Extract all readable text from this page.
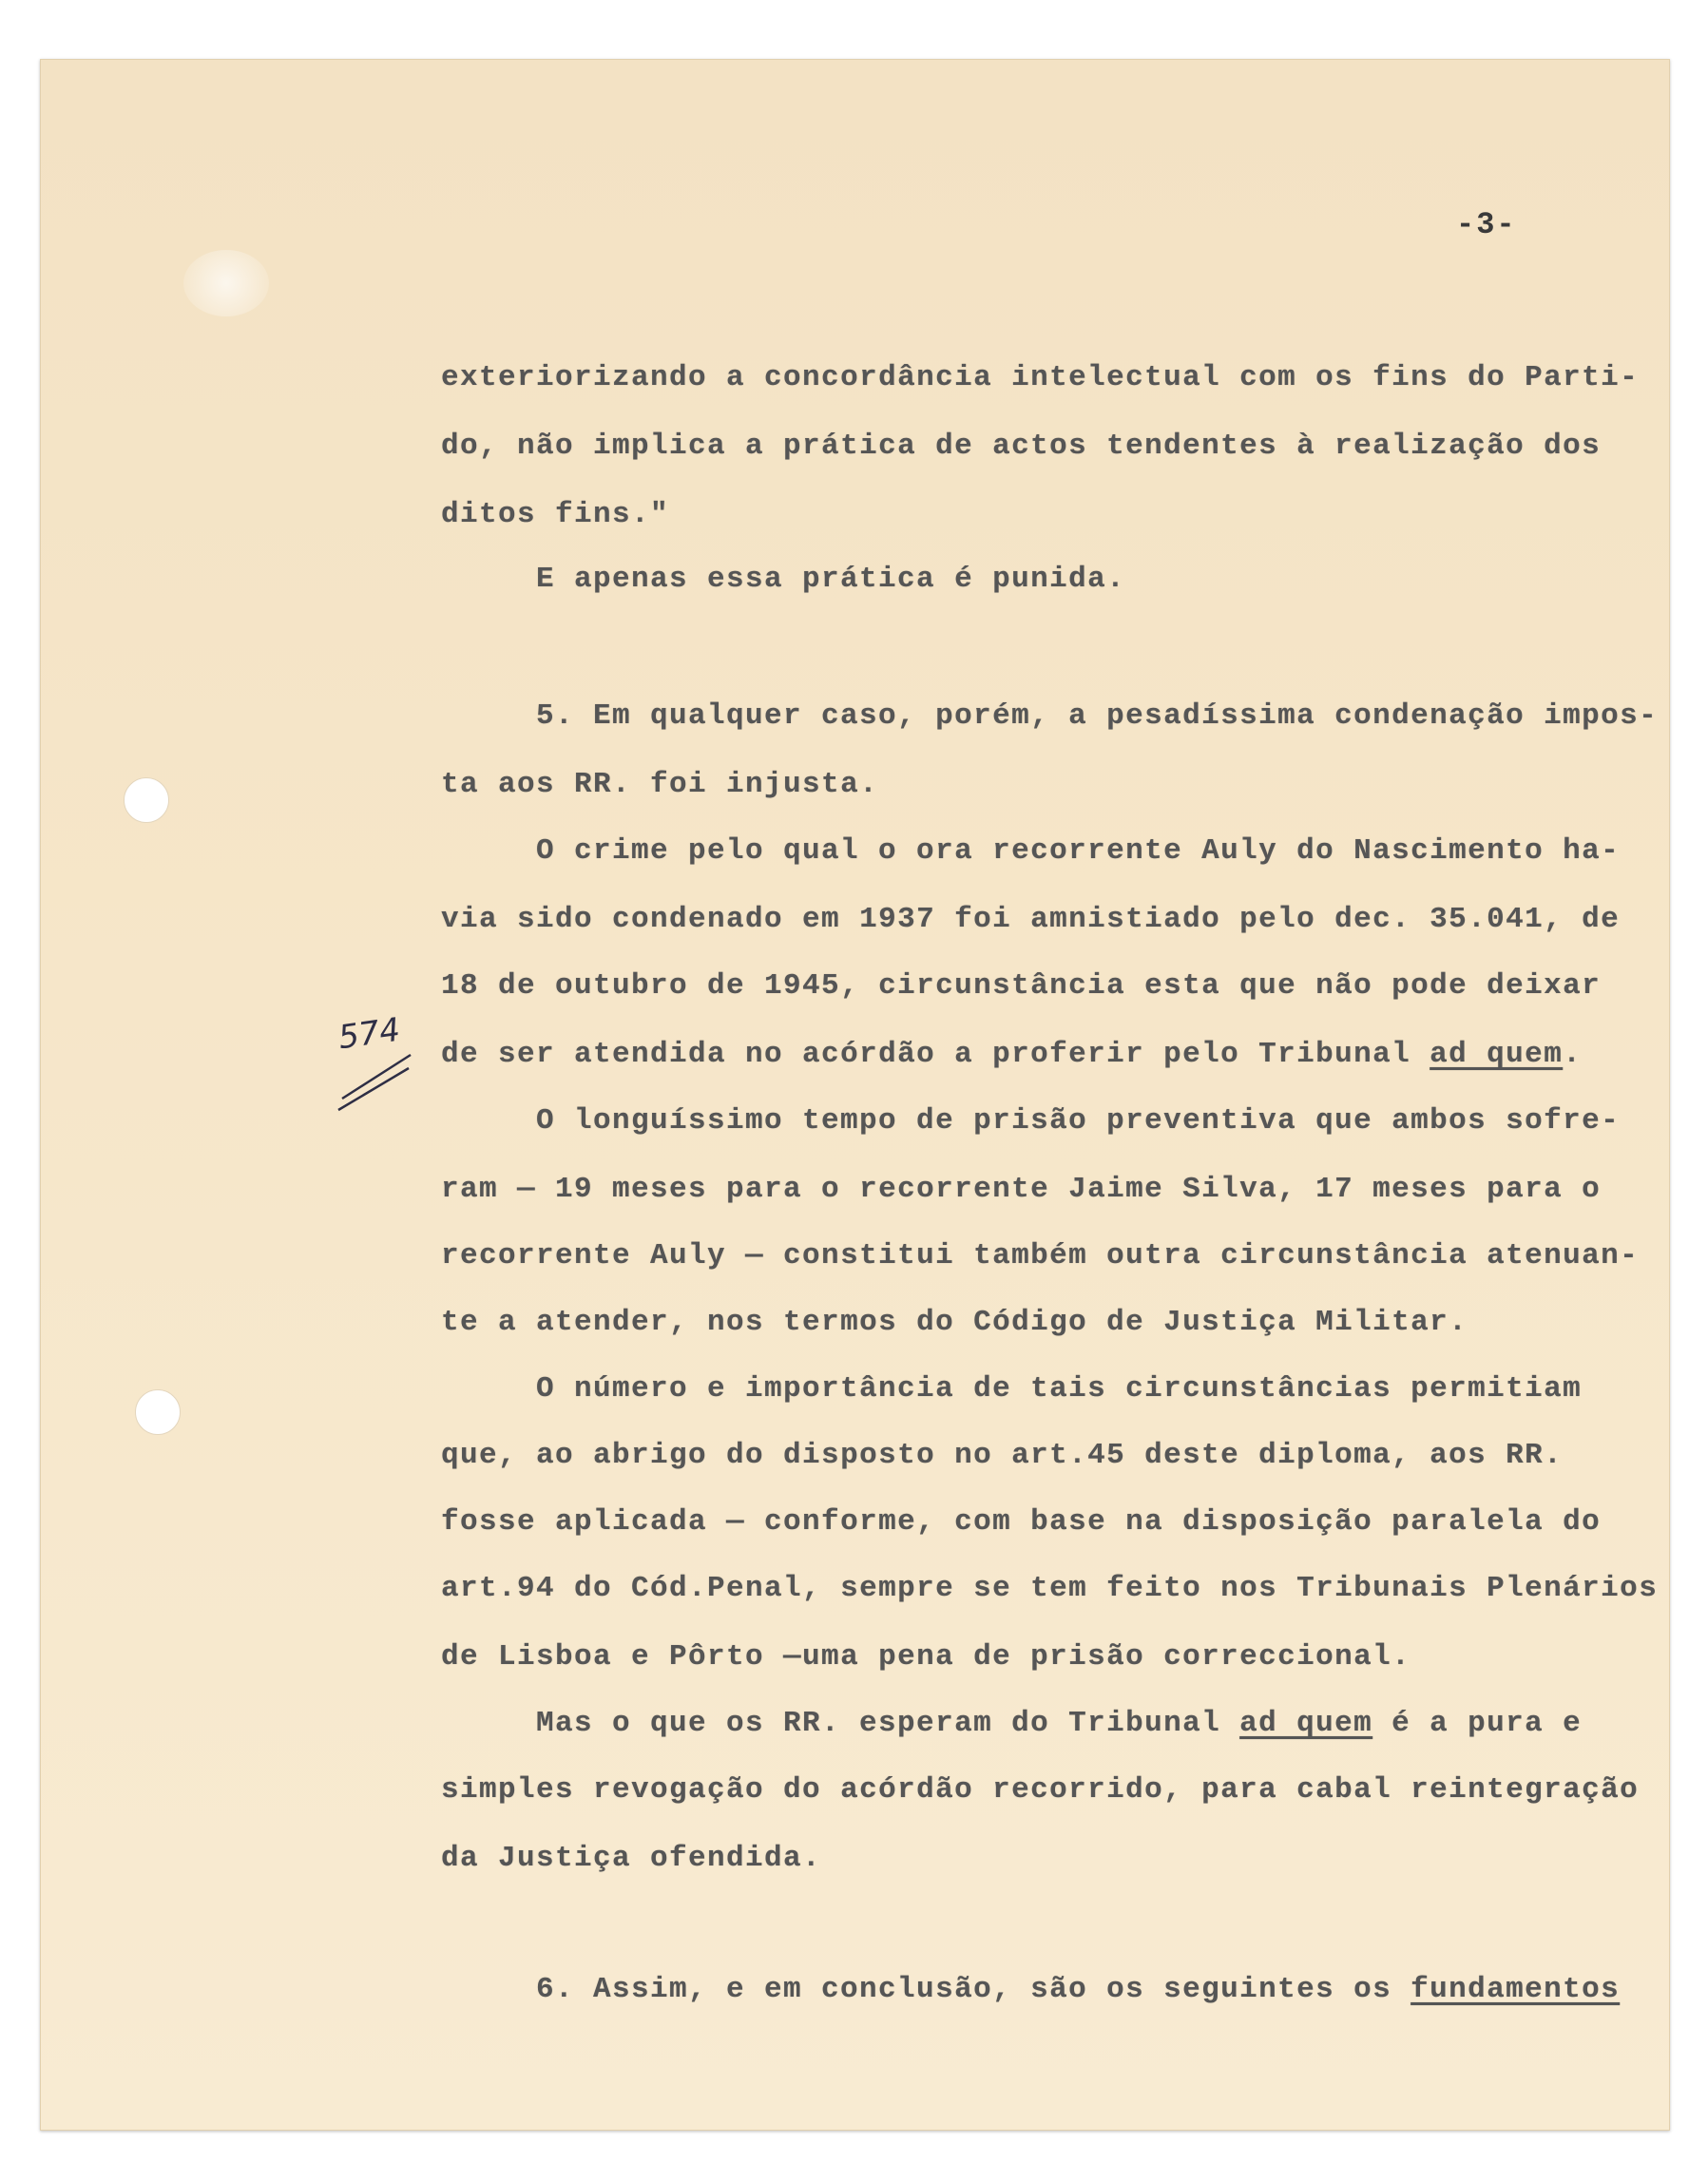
-3-
574
exteriorizando a concordância intelectual com os fins do Parti-
do, não implica a prática de actos tendentes à realização dos
ditos fins."
E apenas essa prática é punida.
5. Em qualquer caso, porém, a pesadíssima condenação impos-
ta aos RR. foi injusta.
O crime pelo qual o ora recorrente Auly do Nascimento ha-
via sido condenado em 1937 foi amnistiado pelo dec. 35.041, de
18 de outubro de 1945, circunstância esta que não pode deixar
de ser atendida no acórdão a proferir pelo Tribunal ad quem.
O longuíssimo tempo de prisão preventiva que ambos sofre-
ram — 19 meses para o recorrente Jaime Silva, 17 meses para o
recorrente Auly — constitui também outra circunstância atenuan-
te a atender, nos termos do Código de Justiça Militar.
O número e importância de tais circunstâncias permitiam
que, ao abrigo do disposto no art.45 deste diploma, aos RR.
fosse aplicada — conforme, com base na disposição paralela do
art.94 do Cód.Penal, sempre se tem feito nos Tribunais Plenários
de Lisboa e Pôrto —uma pena de prisão correccional.
Mas o que os RR. esperam do Tribunal ad quem é a pura e
simples revogação do acórdão recorrido, para cabal reintegração
da Justiça ofendida.
6. Assim, e em conclusão, são os seguintes os fundamentos
